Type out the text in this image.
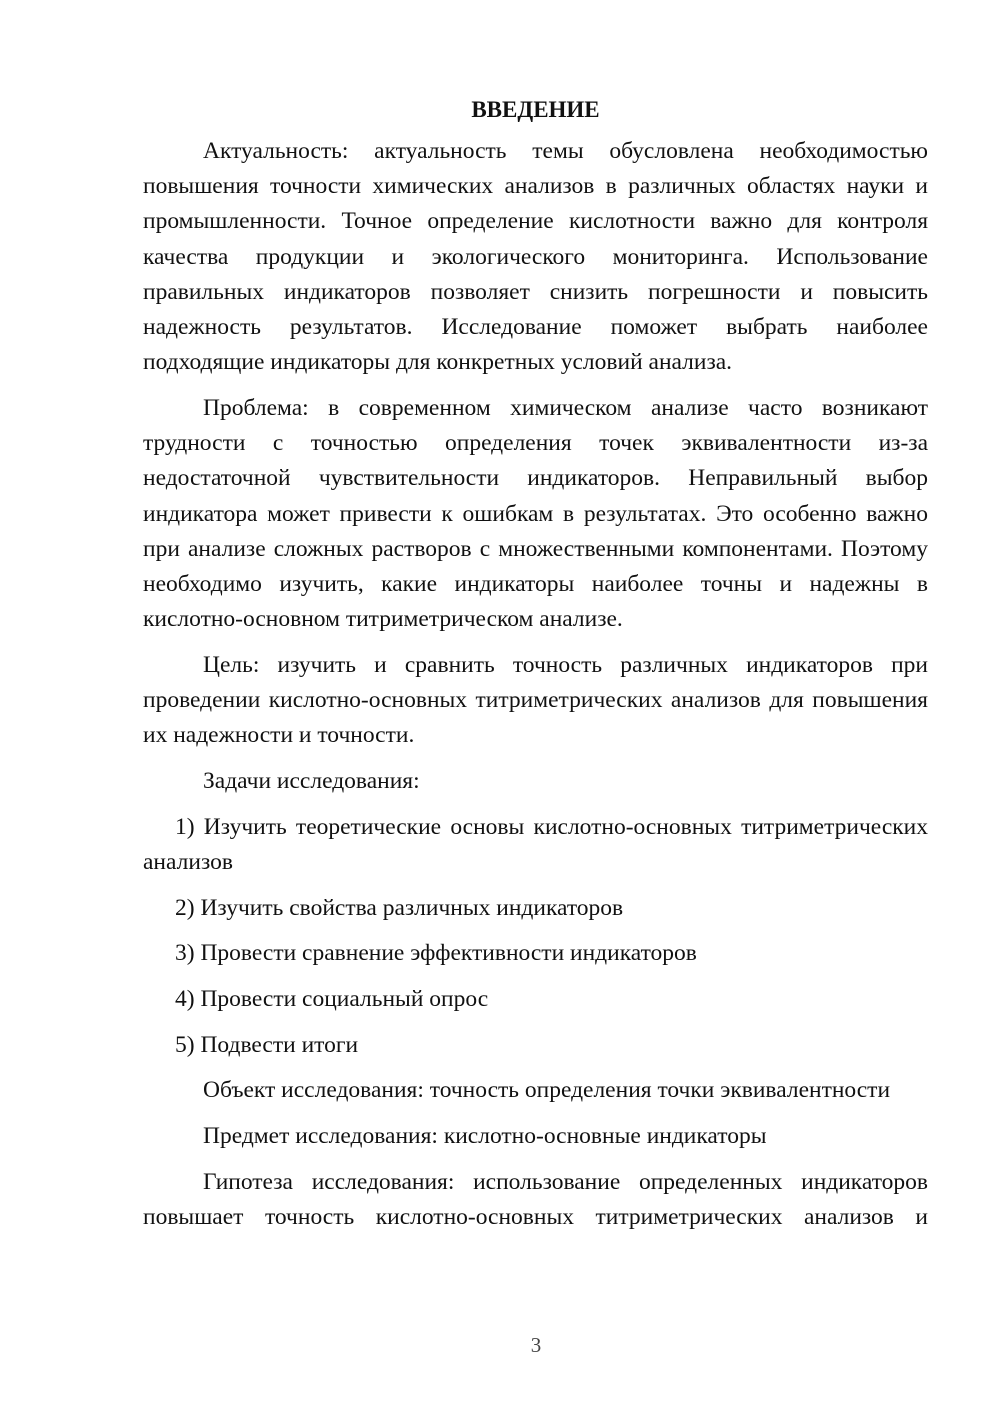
ВВЕДЕНИЕ

Актуальность: актуальность темы обусловлена необходимостью повышения точности химических анализов в различных областях науки и промышленности. Точное определение кислотности важно для контроля качества продукции и экологического мониторинга. Использование правильных индикаторов позволяет снизить погрешности и повысить надежность результатов. Исследование поможет выбрать наиболее подходящие индикаторы для конкретных условий анализа.

Проблема: в современном химическом анализе часто возникают трудности с точностью определения точек эквивалентности из-за недостаточной чувствительности индикаторов. Неправильный выбор индикатора может привести к ошибкам в результатах. Это особенно важно при анализе сложных растворов с множественными компонентами. Поэтому необходимо изучить, какие индикаторы наиболее точны и надежны в кислотно-основном титриметрическом анализе.

Цель: изучить и сравнить точность различных индикаторов при проведении кислотно-основных титриметрических анализов для повышения их надежности и точности.

Задачи исследования:

1) Изучить теоретические основы кислотно-основных титриметрических анализов

2) Изучить свойства различных индикаторов

3) Провести сравнение эффективности индикаторов

4) Провести социальный опрос

5) Подвести итоги

Объект исследования: точность определения точки эквивалентности

Предмет исследования: кислотно-основные индикаторы

Гипотеза исследования: использование определенных индикаторов повышает точность кислотно-основных титриметрических анализов и

3
